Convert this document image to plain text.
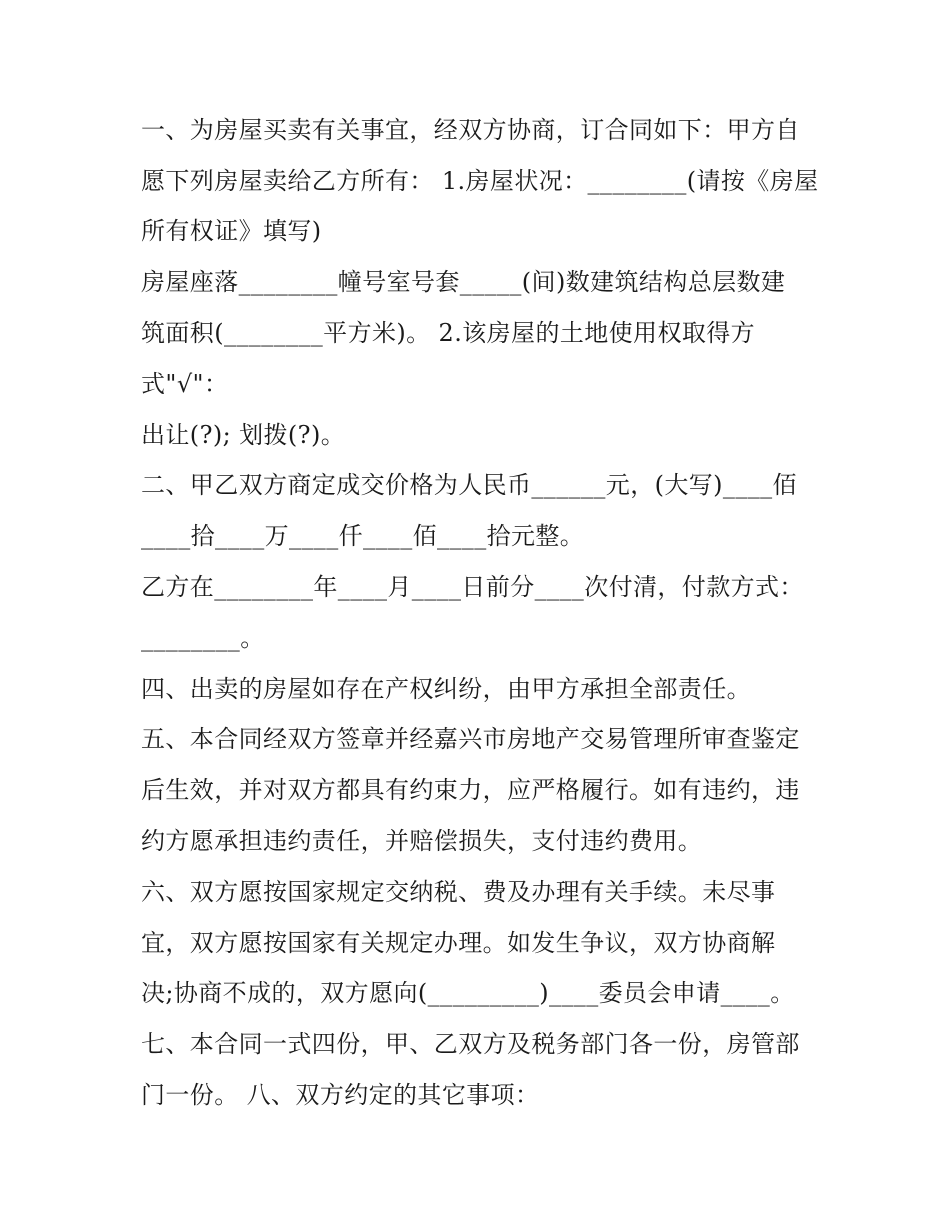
一、为房屋买卖有关事宜，经双方协商，订合同如下：甲方自
愿下列房屋卖给乙方所有： 1.房屋状况：________(请按《房屋
所有权证》填写)
房屋座落________幢号室号套_____(间)数建筑结构总层数建
筑面积(________平方米)。 2.该房屋的土地使用权取得方
式"√"：
出让(?); 划拨(?)。
二、甲乙双方商定成交价格为人民币______元，(大写)____佰
____拾____万____仟____佰____拾元整。
乙方在________年____月____日前分____次付清，付款方式：
________。
四、出卖的房屋如存在产权纠纷，由甲方承担全部责任。
五、本合同经双方签章并经嘉兴市房地产交易管理所审查鉴定
后生效，并对双方都具有约束力，应严格履行。如有违约，违
约方愿承担违约责任，并赔偿损失，支付违约费用。
六、双方愿按国家规定交纳税、费及办理有关手续。未尽事
宜，双方愿按国家有关规定办理。如发生争议，双方协商解
决;协商不成的，双方愿向(_________)____委员会申请____。
七、本合同一式四份，甲、乙双方及税务部门各一份，房管部
门一份。 八、双方约定的其它事项：
